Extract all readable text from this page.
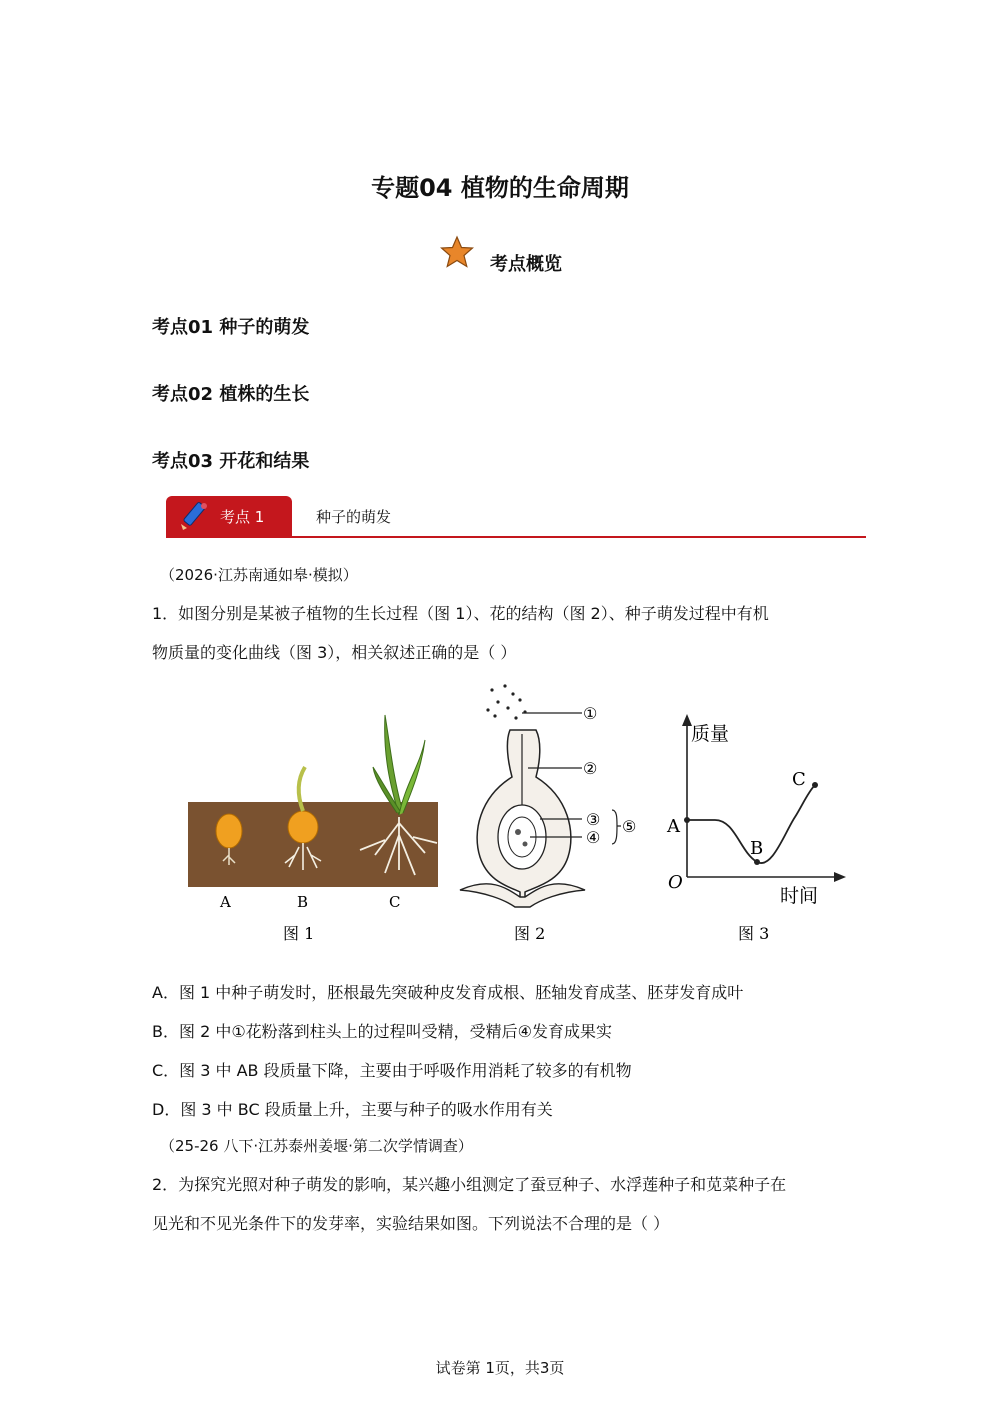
专题04 植物的生命周期
考点概览
考点01 种子的萌发
考点02 植株的生长
考点03 开花和结果
考点 1	种子的萌发
（2026·江苏南通如皋·模拟）
1．如图分别是某被子植物的生长过程（图 1）、花的结构（图 2）、种子萌发过程中有机
物质量的变化曲线（图 3），相关叙述正确的是（ ）
A	B	C
图 1
①
②
③
④
⑤
图 2
质量
时间
O
A
B
C
图 3
A．图 1 中种子萌发时，胚根最先突破种皮发育成根、胚轴发育成茎、胚芽发育成叶
B．图 2 中①花粉落到柱头上的过程叫受精，受精后④发育成果实
C．图 3 中 AB 段质量下降，主要由于呼吸作用消耗了较多的有机物
D．图 3 中 BC 段质量上升，主要与种子的吸水作用有关
（25-26 八下·江苏泰州姜堰·第二次学情调查）
2．为探究光照对种子萌发的影响，某兴趣小组测定了蚕豆种子、水浮莲种子和苋菜种子在
见光和不见光条件下的发芽率，实验结果如图。下列说法不合理的是（ ）
试卷第 1页，共3页
